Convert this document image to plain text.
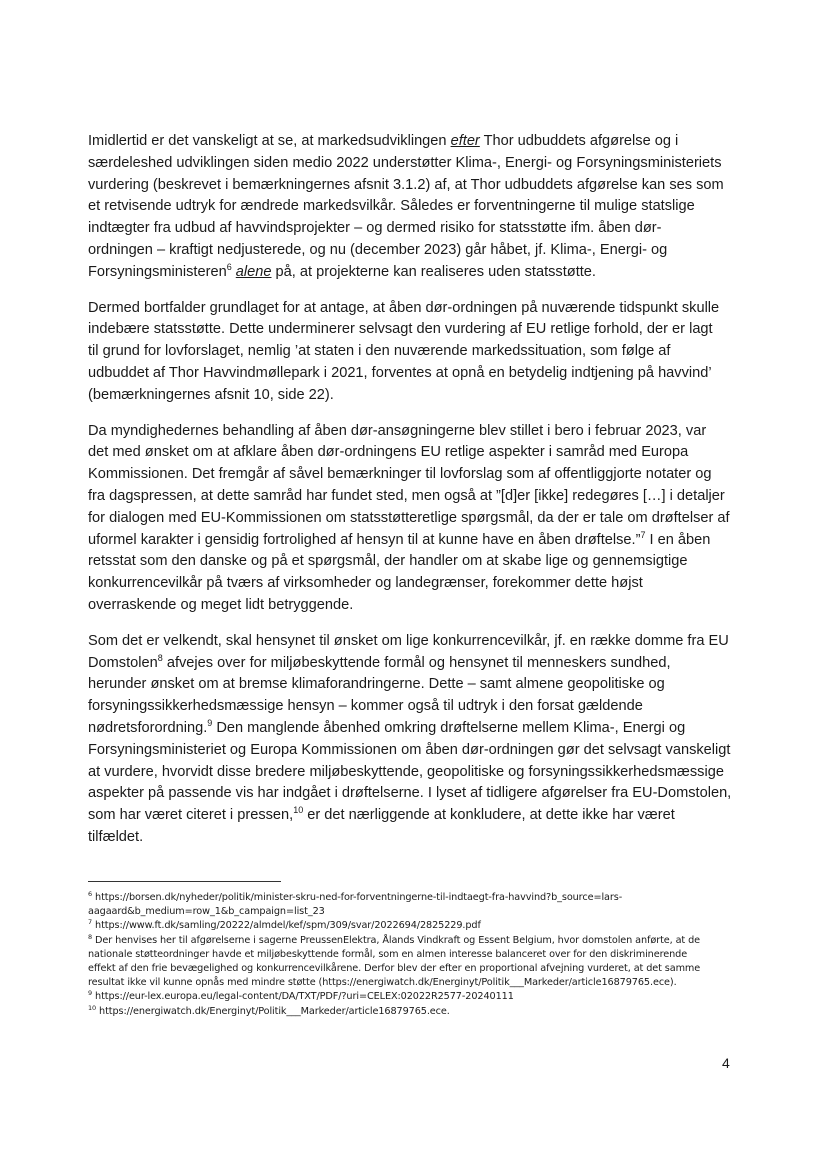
Imidlertid er det vanskeligt at se, at markedsudviklingen efter Thor udbuddets afgørelse og i
særdeleshed udviklingen siden medio 2022 understøtter Klima-, Energi- og Forsyningsministeriets
vurdering (beskrevet i bemærkningernes afsnit 3.1.2) af, at Thor udbuddets afgørelse kan ses som
et retvisende udtryk for ændrede markedsvilkår. Således er forventningerne til mulige statslige
indtægter fra udbud af havvindsprojekter – og dermed risiko for statsstøtte ifm. åben dør-
ordningen – kraftigt nedjusterede, og nu (december 2023) går håbet, jf. Klima-, Energi- og
Forsyningsministeren$^6$ alene på, at projekterne kan realiseres uden statsstøtte.

Dermed bortfalder grundlaget for at antage, at åben dør-ordningen på nuværende tidspunkt skulle
indebære statsstøtte. Dette underminerer selvsagt den vurdering af EU retlige forhold, der er lagt
til grund for lovforslaget, nemlig ’at staten i den nuværende markedssituation, som følge af
udbuddet af Thor Havvindmøllepark i 2021, forventes at opnå en betydelig indtjening på havvind’
(bemærkningernes afsnit 10, side 22).

Da myndighedernes behandling af åben dør-ansøgningerne blev stillet i bero i februar 2023, var
det med ønsket om at afklare åben dør-ordningens EU retlige aspekter i samråd med Europa
Kommissionen. Det fremgår af såvel bemærkninger til lovforslag som af offentliggjorte notater og
fra dagspressen, at dette samråd har fundet sted, men også at ”[d]er [ikke] redegøres […] i detaljer
for dialogen med EU-Kommissionen om statsstøtteretlige spørgsmål, da der er tale om drøftelser af
uformel karakter i gensidig fortrolighed af hensyn til at kunne have en åben drøftelse.”$^7$ I en åben
retsstat som den danske og på et spørgsmål, der handler om at skabe lige og gennemsigtige
konkurrencevilkår på tværs af virksomheder og landegrænser, forekommer dette højst
overraskende og meget lidt betryggende.

Som det er velkendt, skal hensynet til ønsket om lige konkurrencevilkår, jf. en række domme fra EU
Domstolen$^8$ afvejes over for miljøbeskyttende formål og hensynet til menneskers sundhed,
herunder ønsket om at bremse klimaforandringerne. Dette – samt almene geopolitiske og
forsyningssikkerhedsmæssige hensyn – kommer også til udtryk i den forsat gældende
nødretsforordning.$^9$ Den manglende åbenhed omkring drøftelserne mellem Klima-, Energi og
Forsyningsministeriet og Europa Kommissionen om åben dør-ordningen gør det selvsagt vanskeligt
at vurdere, hvorvidt disse bredere miljøbeskyttende, geopolitiske og forsyningssikkerhedsmæssige
aspekter på passende vis har indgået i drøftelserne. I lyset af tidligere afgørelser fra EU-Domstolen,
som har været citeret i pressen,$^{10}$ er det nærliggende at konkludere, at dette ikke har været
tilfældet.

$^6$ https://borsen.dk/nyheder/politik/minister-skru-ned-for-forventningerne-til-indtaegt-fra-havvind?b_source=lars-
aagaard&b_medium=row_1&b_campaign=list_23

$^7$ https://www.ft.dk/samling/20222/almdel/kef/spm/309/svar/2022694/2825229.pdf

$^8$ Der henvises her til afgørelserne i sagerne PreussenElektra, Ålands Vindkraft og Essent Belgium, hvor domstolen anførte, at de
nationale støtteordninger havde et miljøbeskyttende formål, som en almen interesse balanceret over for den diskriminerende
effekt af den frie bevægelighed og konkurrencevilkårene. Derfor blev der efter en proportional afvejning vurderet, at det samme
resultat ikke vil kunne opnås med mindre støtte (https://energiwatch.dk/Energinyt/Politik___Markeder/article16879765.ece).

$^9$ https://eur-lex.europa.eu/legal-content/DA/TXT/PDF/?uri=CELEX:02022R2577-20240111

$^{10}$ https://energiwatch.dk/Energinyt/Politik___Markeder/article16879765.ece.

4
